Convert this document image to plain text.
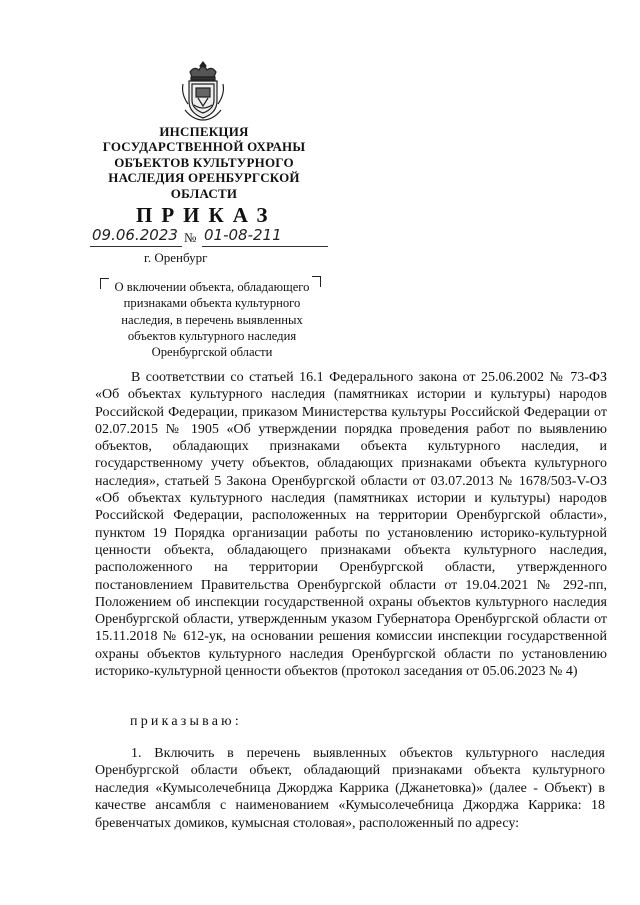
ИНСПЕКЦИЯ
ГОСУДАРСТВЕННОЙ ОХРАНЫ
ОБЪЕКТОВ КУЛЬТУРНОГО
НАСЛЕДИЯ ОРЕНБУРГСКОЙ
ОБЛАСТИ
ПРИКАЗ
09.06.2023 № 01-08-211
г. Оренбург
О включении объекта, обладающего
признаками объекта культурного
наследия, в перечень выявленных
объектов культурного наследия
Оренбургской области

В соответствии со статьей 16.1 Федерального закона от 25.06.2002 № 73-ФЗ «Об объектах культурного наследия (памятниках истории и культуры) народов Российской Федерации, приказом Министерства культуры Российской Федерации от 02.07.2015 № 1905 «Об утверждении порядка проведения работ по выявлению объектов, обладающих признаками объекта культурного наследия, и государственному учету объектов, обладающих признаками объекта культурного наследия», статьей 5 Закона Оренбургской области от 03.07.2013 № 1678/503-V-ОЗ «Об объектах культурного наследия (памятниках истории и культуры) народов Российской Федерации, расположенных на территории Оренбургской области», пунктом 19 Порядка организации работы по установлению историко-культурной ценности объекта, обладающего признаками объекта культурного наследия, расположенного на территории Оренбургской области, утвержденного постановлением Правительства Оренбургской области от 19.04.2021 № 292-пп, Положением об инспекции государственной охраны объектов культурного наследия Оренбургской области, утвержденным указом Губернатора Оренбургской области от 15.11.2018 № 612-ук, на основании решения комиссии инспекции государственной охраны объектов культурного наследия Оренбургской области по установлению историко-культурной ценности объектов (протокол заседания от 05.06.2023 № 4)

приказываю:

1. Включить в перечень выявленных объектов культурного наследия Оренбургской области объект, обладающий признаками объекта культурного наследия «Кумысолечебница Джорджа Каррика (Джанетовка)» (далее - Объект) в качестве ансамбля с наименованием «Кумысолечебница Джорджа Каррика: 18 бревенчатых домиков, кумысная столовая», расположенный по адресу:
